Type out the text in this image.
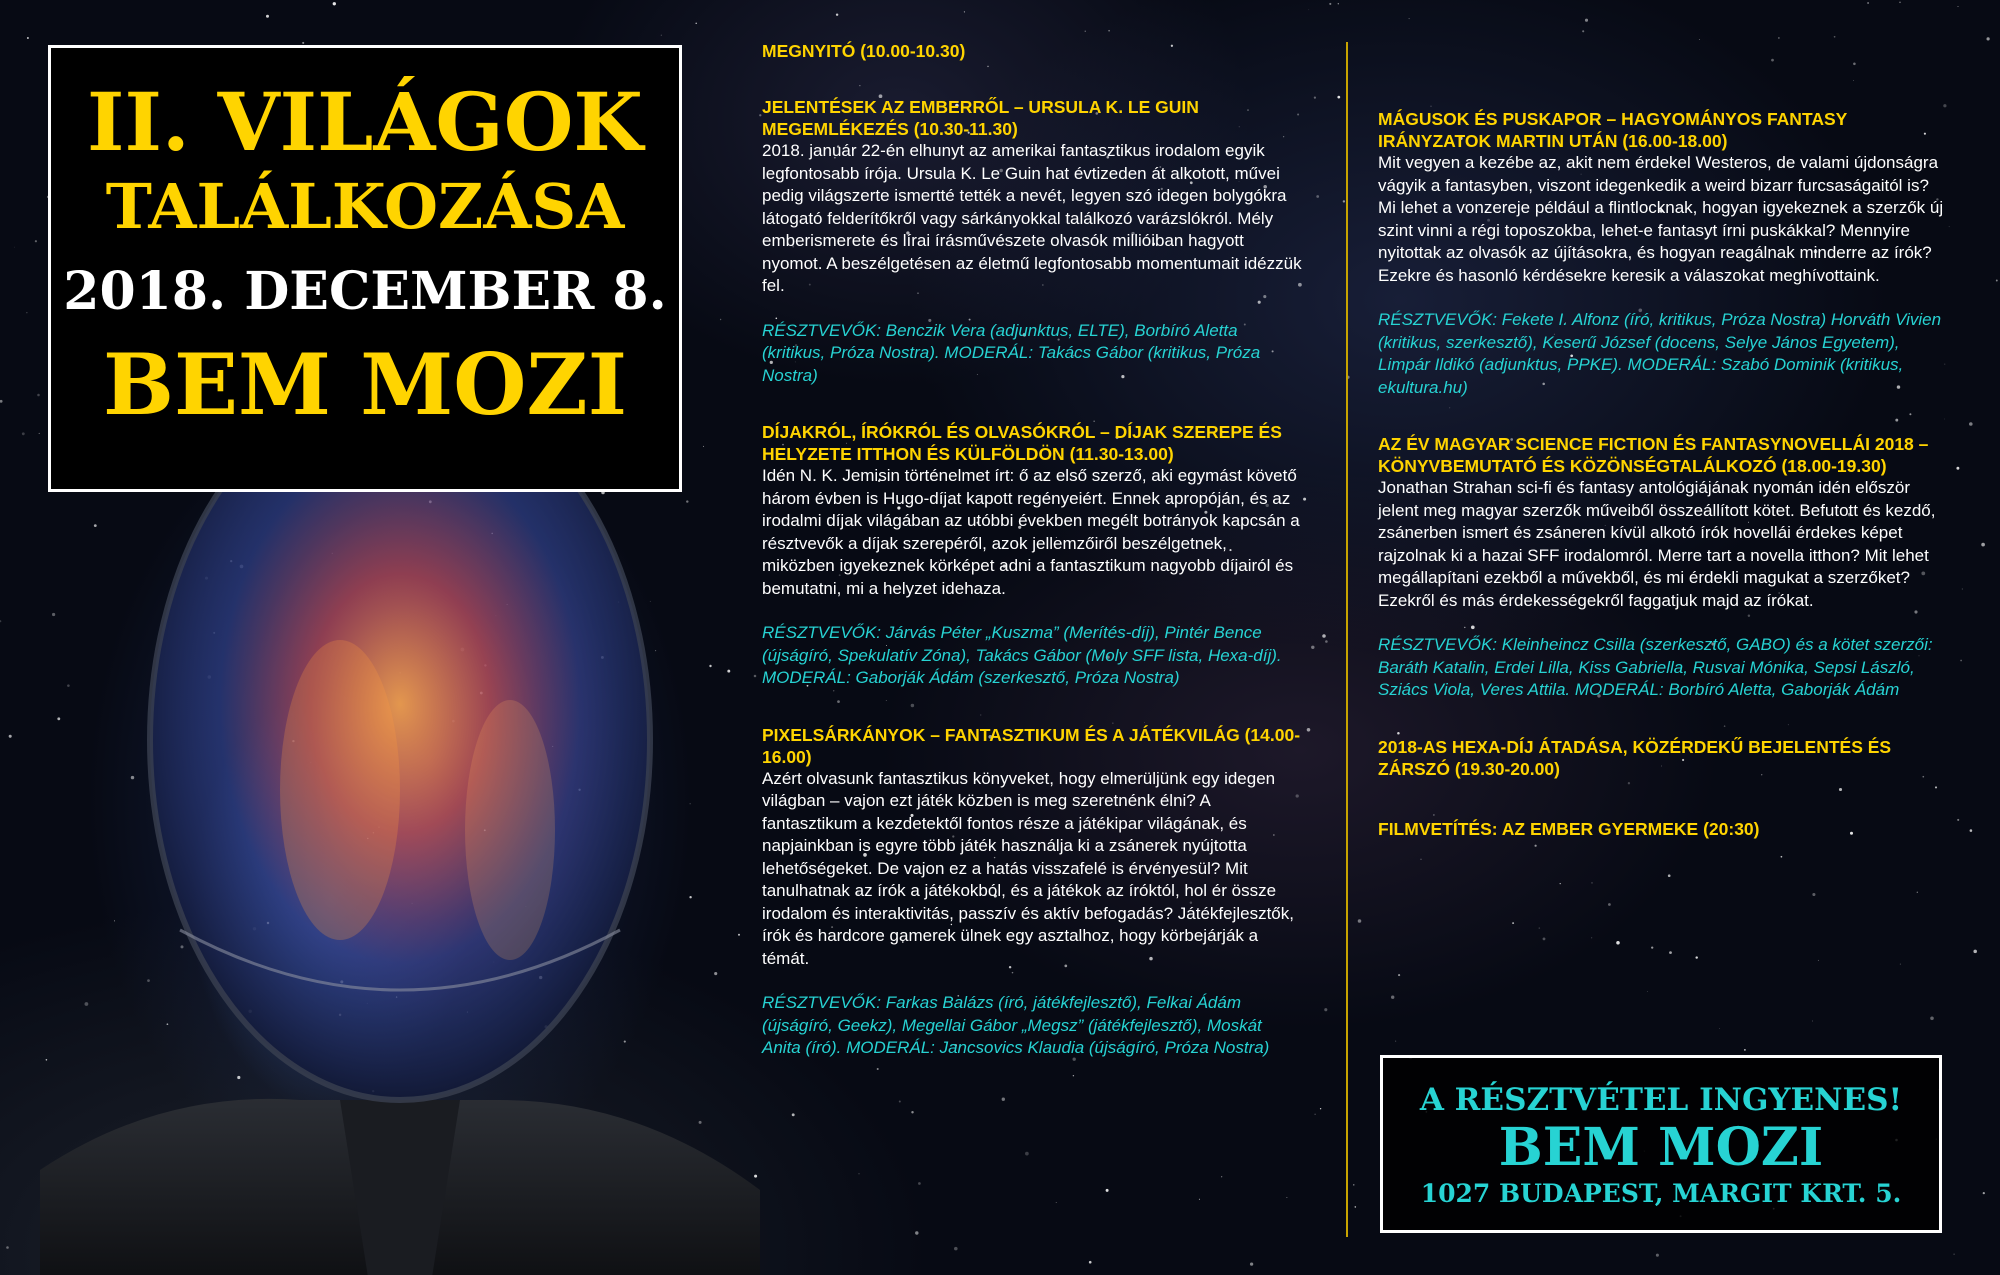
II. VILÁGOK
TALÁLKOZÁSA
2018. DECEMBER 8.
BEM MOZI

MEGNYITÓ (10.00-10.30)

JELENTÉSEK AZ EMBERRŐL – URSULA K. LE GUIN MEGEMLÉKEZÉS (10.30-11.30)

2018. január 22-én elhunyt az amerikai fantasztikus irodalom egyik legfontosabb írója. Ursula K. Le Guin hat évtizeden át alkotott, művei pedig világszerte ismertté tették a nevét, legyen szó idegen bolygókra látogató felderítőkről vagy sárkányokkal találkozó varázslókról. Mély emberismerete és lírai írásművészete olvasók millióiban hagyott nyomot. A beszélgetésen az életmű legfontosabb momentumait idézzük fel.

RÉSZTVEVŐK: Benczik Vera (adjunktus, ELTE), Borbíró Aletta (kritikus, Próza Nostra). MODERÁL: Takács Gábor (kritikus, Próza Nostra)

DÍJAKRÓL, ÍRÓKRÓL ÉS OLVASÓKRÓL – DÍJAK SZEREPE ÉS HELYZETE ITTHON ÉS KÜLFÖLDÖN (11.30-13.00)

Idén N. K. Jemisin történelmet írt: ő az első szerző, aki egymást követő három évben is Hugo-díjat kapott regényeiért. Ennek apropóján, és az irodalmi díjak világában az utóbbi években megélt botrányok kapcsán a résztvevők a díjak szerepéről, azok jellemzőiről beszélgetnek, miközben igyekeznek körképet adni a fantasztikum nagyobb díjairól és bemutatni, mi a helyzet idehaza.

RÉSZTVEVŐK: Járvás Péter „Kuszma” (Merítés-díj), Pintér Bence (újságíró, Spekulatív Zóna), Takács Gábor (Moly SFF lista, Hexa-díj). MODERÁL: Gaborják Ádám (szerkesztő, Próza Nostra)

PIXELSÁRKÁNYOK – FANTASZTIKUM ÉS A JÁTÉKVILÁG (14.00-16.00)

Azért olvasunk fantasztikus könyveket, hogy elmerüljünk egy idegen világban – vajon ezt játék közben is meg szeretnénk élni? A fantasztikum a kezdetektől fontos része a játékipar világának, és napjainkban is egyre több játék használja ki a zsánerek nyújtotta lehetőségeket. De vajon ez a hatás visszafelé is érvényesül? Mit tanulhatnak az írók a játékokból, és a játékok az íróktól, hol ér össze irodalom és interaktivitás, passzív és aktív befogadás? Játékfejlesztők, írók és hardcore gamerek ülnek egy asztalhoz, hogy körbejárják a témát.

RÉSZTVEVŐK: Farkas Balázs (író, játékfejlesztő), Felkai Ádám (újságíró, Geekz), Megellai Gábor „Megsz” (játékfejlesztő), Moskát Anita (író). MODERÁL: Jancsovics Klaudia (újságíró, Próza Nostra)

MÁGUSOK ÉS PUSKAPOR – HAGYOMÁNYOS FANTASY IRÁNYZATOK MARTIN UTÁN (16.00-18.00)

Mit vegyen a kezébe az, akit nem érdekel Westeros, de valami újdonságra vágyik a fantasyben, viszont idegenkedik a weird bizarr furcsaságaitól is? Mi lehet a vonzereje például a flintlocknak, hogyan igyekeznek a szerzők új szint vinni a régi toposzokba, lehet-e fantasyt írni puskákkal? Mennyire nyitottak az olvasók az újításokra, és hogyan reagálnak minderre az írók? Ezekre és hasonló kérdésekre keresik a válaszokat meghívottaink.

RÉSZTVEVŐK: Fekete I. Alfonz (író, kritikus, Próza Nostra) Horváth Vivien (kritikus, szerkesztő), Keserű József (docens, Selye János Egyetem), Limpár Ildikó (adjunktus, PPKE). MODERÁL: Szabó Dominik (kritikus, ekultura.hu)

AZ ÉV MAGYAR SCIENCE FICTION ÉS FANTASYNOVELLÁI 2018 – KÖNYVBEMUTATÓ ÉS KÖZÖNSÉGTALÁLKOZÓ (18.00-19.30)

Jonathan Strahan sci-fi és fantasy antológiájának nyomán idén először jelent meg magyar szerzők műveiből összeállított kötet. Befutott és kezdő, zsánerben ismert és zsáneren kívül alkotó írók novellái érdekes képet rajzolnak ki a hazai SFF irodalomról. Merre tart a novella itthon? Mit lehet megállapítani ezekből a művekből, és mi érdekli magukat a szerzőket? Ezekről és más érdekességekről faggatjuk majd az írókat.

RÉSZTVEVŐK: Kleinheincz Csilla (szerkesztő, GABO) és a kötet szerzői: Baráth Katalin, Erdei Lilla, Kiss Gabriella, Rusvai Mónika, Sepsi László, Sziács Viola, Veres Attila. MODERÁL: Borbíró Aletta, Gaborják Ádám

2018-AS HEXA-DÍJ ÁTADÁSA, KÖZÉRDEKŰ BEJELENTÉS ÉS ZÁRSZÓ (19.30-20.00)

FILMVETÍTÉS: AZ EMBER GYERMEKE (20:30)

A RÉSZTVÉTEL INGYENES!
BEM MOZI
1027 BUDAPEST, MARGIT KRT. 5.
